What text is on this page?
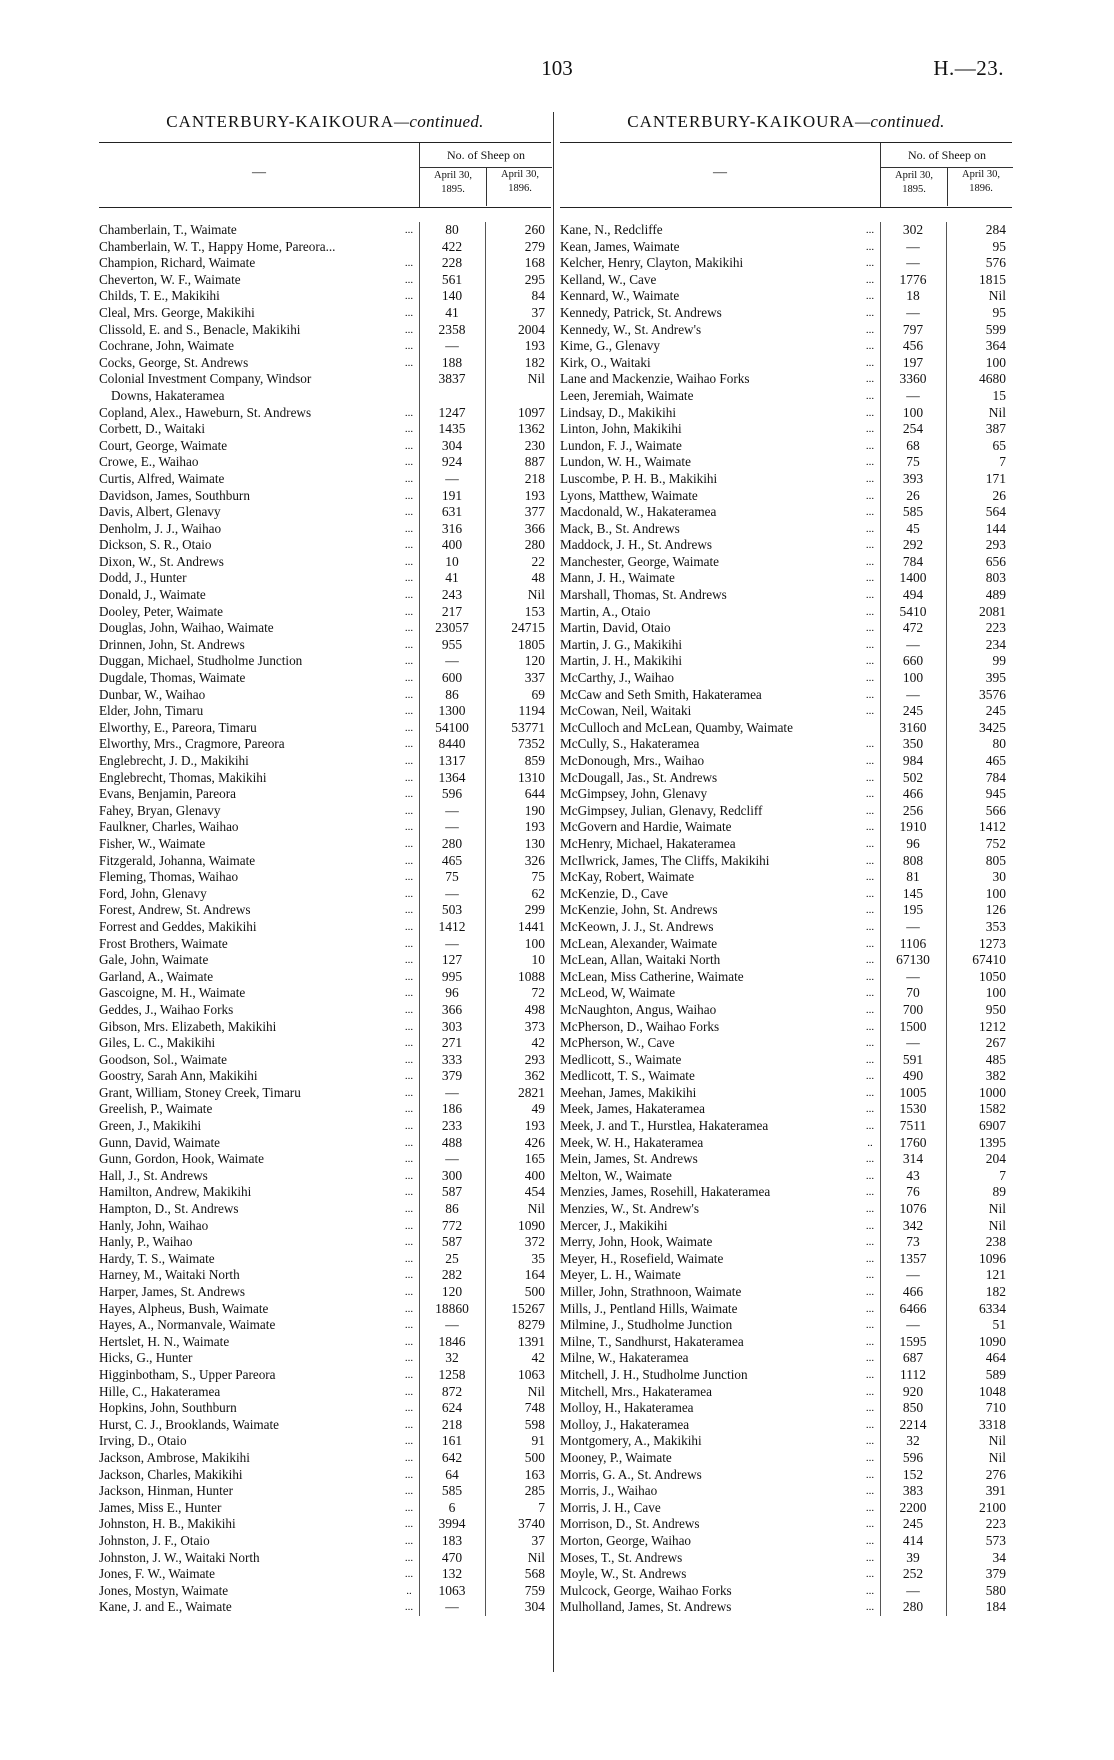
103	H.—23.
CANTERBURY-KAIKOURA—continued.
—
No. of Sheep on
April 30,
1895.
April 30,
1896.
Chamberlain, T., Waimate	...	80	260
Chamberlain, W. T., Happy Home, Pareora...	422	279
Champion, Richard, Waimate	...	228	168
Cheverton, W. F., Waimate	...	561	295
Childs, T. E., Makikihi	...	140	84
Cleal, Mrs. George, Makikihi	...	41	37
Clissold, E. and S., Benacle, Makikihi	...	2358	2004
Cochrane, John, Waimate	...	—	193
Cocks, George, St. Andrews	...	188	182
Colonial Investment Company, Windsor	3837	Nil
Downs, Hakateramea
Copland, Alex., Haweburn, St. Andrews	...	1247	1097
Corbett, D., Waitaki	...	1435	1362
Court, George, Waimate	...	304	230
Crowe, E., Waihao	...	924	887
Curtis, Alfred, Waimate	...	—	218
Davidson, James, Southburn	...	191	193
Davis, Albert, Glenavy	...	631	377
Denholm, J. J., Waihao	...	316	366
Dickson, S. R., Otaio	...	400	280
Dixon, W., St. Andrews	...	10	22
Dodd, J., Hunter	...	41	48
Donald, J., Waimate	...	243	Nil
Dooley, Peter, Waimate	...	217	153
Douglas, John, Waihao, Waimate	...	23057	24715
Drinnen, John, St. Andrews	...	955	1805
Duggan, Michael, Studholme Junction	...	—	120
Dugdale, Thomas, Waimate	...	600	337
Dunbar, W., Waihao	...	86	69
Elder, John, Timaru	...	1300	1194
Elworthy, E., Pareora, Timaru	...	54100	53771
Elworthy, Mrs., Cragmore, Pareora	...	8440	7352
Englebrecht, J. D., Makikihi	...	1317	859
Englebrecht, Thomas, Makikihi	...	1364	1310
Evans, Benjamin, Pareora	...	596	644
Fahey, Bryan, Glenavy	...	—	190
Faulkner, Charles, Waihao	...	—	193
Fisher, W., Waimate	...	280	130
Fitzgerald, Johanna, Waimate	...	465	326
Fleming, Thomas, Waihao	...	75	75
Ford, John, Glenavy	...	—	62
Forest, Andrew, St. Andrews	...	503	299
Forrest and Geddes, Makikihi	...	1412	1441
Frost Brothers, Waimate	...	—	100
Gale, John, Waimate	...	127	10
Garland, A., Waimate	...	995	1088
Gascoigne, M. H., Waimate	...	96	72
Geddes, J., Waihao Forks	...	366	498
Gibson, Mrs. Elizabeth, Makikihi	...	303	373
Giles, L. C., Makikihi	...	271	42
Goodson, Sol., Waimate	...	333	293
Goostry, Sarah Ann, Makikihi	...	379	362
Grant, William, Stoney Creek, Timaru	...	—	2821
Greelish, P., Waimate	...	186	49
Green, J., Makikihi	...	233	193
Gunn, David, Waimate	...	488	426
Gunn, Gordon, Hook, Waimate	...	—	165
Hall, J., St. Andrews	...	300	400
Hamilton, Andrew, Makikihi	...	587	454
Hampton, D., St. Andrews	...	86	Nil
Hanly, John, Waihao	...	772	1090
Hanly, P., Waihao	...	587	372
Hardy, T. S., Waimate	...	25	35
Harney, M., Waitaki North	...	282	164
Harper, James, St. Andrews	...	120	500
Hayes, Alpheus, Bush, Waimate	...	18860	15267
Hayes, A., Normanvale, Waimate	...	—	8279
Hertslet, H. N., Waimate	...	1846	1391
Hicks, G., Hunter	...	32	42
Higginbotham, S., Upper Pareora	...	1258	1063
Hille, C., Hakateramea	...	872	Nil
Hopkins, John, Southburn	...	624	748
Hurst, C. J., Brooklands, Waimate	...	218	598
Irving, D., Otaio	...	161	91
Jackson, Ambrose, Makikihi	...	642	500
Jackson, Charles, Makikihi	...	64	163
Jackson, Hinman, Hunter	...	585	285
James, Miss E., Hunter	...	6	7
Johnston, H. B., Makikihi	...	3994	3740
Johnston, J. F., Otaio	...	183	37
Johnston, J. W., Waitaki North	...	470	Nil
Jones, F. W., Waimate	...	132	568
Jones, Mostyn, Waimate	..	1063	759
Kane, J. and E., Waimate	...	—	304
CANTERBURY-KAIKOURA—continued.
—
No. of Sheep on
April 30,
1895.
April 30,
1896.
Kane, N., Redcliffe	...	302	284
Kean, James, Waimate	...	—	95
Kelcher, Henry, Clayton, Makikihi	...	—	576
Kelland, W., Cave	...	1776	1815
Kennard, W., Waimate	...	18	Nil
Kennedy, Patrick, St. Andrews	...	—	95
Kennedy, W., St. Andrew's	...	797	599
Kime, G., Glenavy	...	456	364
Kirk, O., Waitaki	...	197	100
Lane and Mackenzie, Waihao Forks	...	3360	4680
Leen, Jeremiah, Waimate	...	—	15
Lindsay, D., Makikihi	...	100	Nil
Linton, John, Makikihi	...	254	387
Lundon, F. J., Waimate	...	68	65
Lundon, W. H., Waimate	...	75	7
Luscombe, P. H. B., Makikihi	...	393	171
Lyons, Matthew, Waimate	...	26	26
Macdonald, W., Hakateramea	...	585	564
Mack, B., St. Andrews	...	45	144
Maddock, J. H., St. Andrews	...	292	293
Manchester, George, Waimate	...	784	656
Mann, J. H., Waimate	...	1400	803
Marshall, Thomas, St. Andrews	...	494	489
Martin, A., Otaio	...	5410	2081
Martin, David, Otaio	...	472	223
Martin, J. G., Makikihi	...	—	234
Martin, J. H., Makikihi	...	660	99
McCarthy, J., Waihao	...	100	395
McCaw and Seth Smith, Hakateramea	...	—	3576
McCowan, Neil, Waitaki	...	245	245
McCulloch and McLean, Quamby, Waimate	3160	3425
McCully, S., Hakateramea	...	350	80
McDonough, Mrs., Waihao	...	984	465
McDougall, Jas., St. Andrews	...	502	784
McGimpsey, John, Glenavy	...	466	945
McGimpsey, Julian, Glenavy, Redcliff	...	256	566
McGovern and Hardie, Waimate	...	1910	1412
McHenry, Michael, Hakateramea	...	96	752
McIlwrick, James, The Cliffs, Makikihi	...	808	805
McKay, Robert, Waimate	...	81	30
McKenzie, D., Cave	...	145	100
McKenzie, John, St. Andrews	...	195	126
McKeown, J. J., St. Andrews	...	—	353
McLean, Alexander, Waimate	...	1106	1273
McLean, Allan, Waitaki North	...	67130	67410
McLean, Miss Catherine, Waimate	...	—	1050
McLeod, W, Waimate	...	70	100
McNaughton, Angus, Waihao	...	700	950
McPherson, D., Waihao Forks	...	1500	1212
McPherson, W., Cave	...	—	267
Medlicott, S., Waimate	...	591	485
Medlicott, T. S., Waimate	...	490	382
Meehan, James, Makikihi	...	1005	1000
Meek, James, Hakateramea	...	1530	1582
Meek, J. and T., Hurstlea, Hakateramea	...	7511	6907
Meek, W. H., Hakateramea	..	1760	1395
Mein, James, St. Andrews	...	314	204
Melton, W., Waimate	...	43	7
Menzies, James, Rosehill, Hakateramea	...	76	89
Menzies, W., St. Andrew's	...	1076	Nil
Mercer, J., Makikihi	...	342	Nil
Merry, John, Hook, Waimate	...	73	238
Meyer, H., Rosefield, Waimate	...	1357	1096
Meyer, L. H., Waimate	...	—	121
Miller, John, Strathnoon, Waimate	...	466	182
Mills, J., Pentland Hills, Waimate	...	6466	6334
Milmine, J., Studholme Junction	...	—	51
Milne, T., Sandhurst, Hakateramea	...	1595	1090
Milne, W., Hakateramea	...	687	464
Mitchell, J. H., Studholme Junction	...	1112	589
Mitchell, Mrs., Hakateramea	...	920	1048
Molloy, H., Hakateramea	...	850	710
Molloy, J., Hakateramea	...	2214	3318
Montgomery, A., Makikihi	...	32	Nil
Mooney, P., Waimate	...	596	Nil
Morris, G. A., St. Andrews	...	152	276
Morris, J., Waihao	...	383	391
Morris, J. H., Cave	...	2200	2100
Morrison, D., St. Andrews	...	245	223
Morton, George, Waihao	...	414	573
Moses, T., St. Andrews	...	39	34
Moyle, W., St. Andrews	...	252	379
Mulcock, George, Waihao Forks	...	—	580
Mulholland, James, St. Andrews	...	280	184
